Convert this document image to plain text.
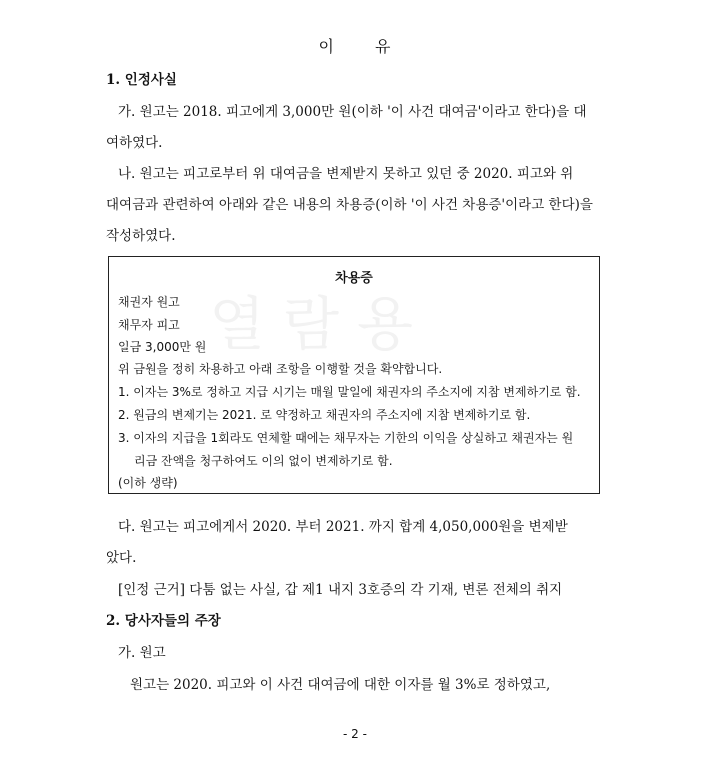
이	유
1. 인정사실
가. 원고는 2018. 피고에게 3,000만 원(이하 '이 사건 대여금'이라고 한다)을 대
여하였다.
나. 원고는 피고로부터 위 대여금을 변제받지 못하고 있던 중 2020. 피고와 위
대여금과 관련하여 아래와 같은 내용의 차용증(이하 '이 사건 차용증'이라고 한다)을
작성하였다.
열람용
차용증
채권자 원고
채무자 피고
일금 3,000만 원
위 금원을 정히 차용하고 아래 조항을 이행할 것을 확약합니다.
1. 이자는 3%로 정하고 지급 시기는 매월 말일에 채권자의 주소지에 지참 변제하기로 함.
2. 원금의 변제기는 2021. 로 약정하고 채권자의 주소지에 지참 변제하기로 함.
3. 이자의 지급을 1회라도 연체할 때에는 채무자는 기한의 이익을 상실하고 채권자는 원
리금 잔액을 청구하여도 이의 없이 변제하기로 함.
(이하 생략)
다. 원고는 피고에게서 2020. 부터 2021. 까지 합계 4,050,000원을 변제받
았다.
[인정 근거] 다툼 없는 사실, 갑 제1 내지 3호증의 각 기재, 변론 전체의 취지
2. 당사자들의 주장
가. 원고
원고는 2020. 피고와 이 사건 대여금에 대한 이자를 월 3%로 정하였고,
- 2 -
